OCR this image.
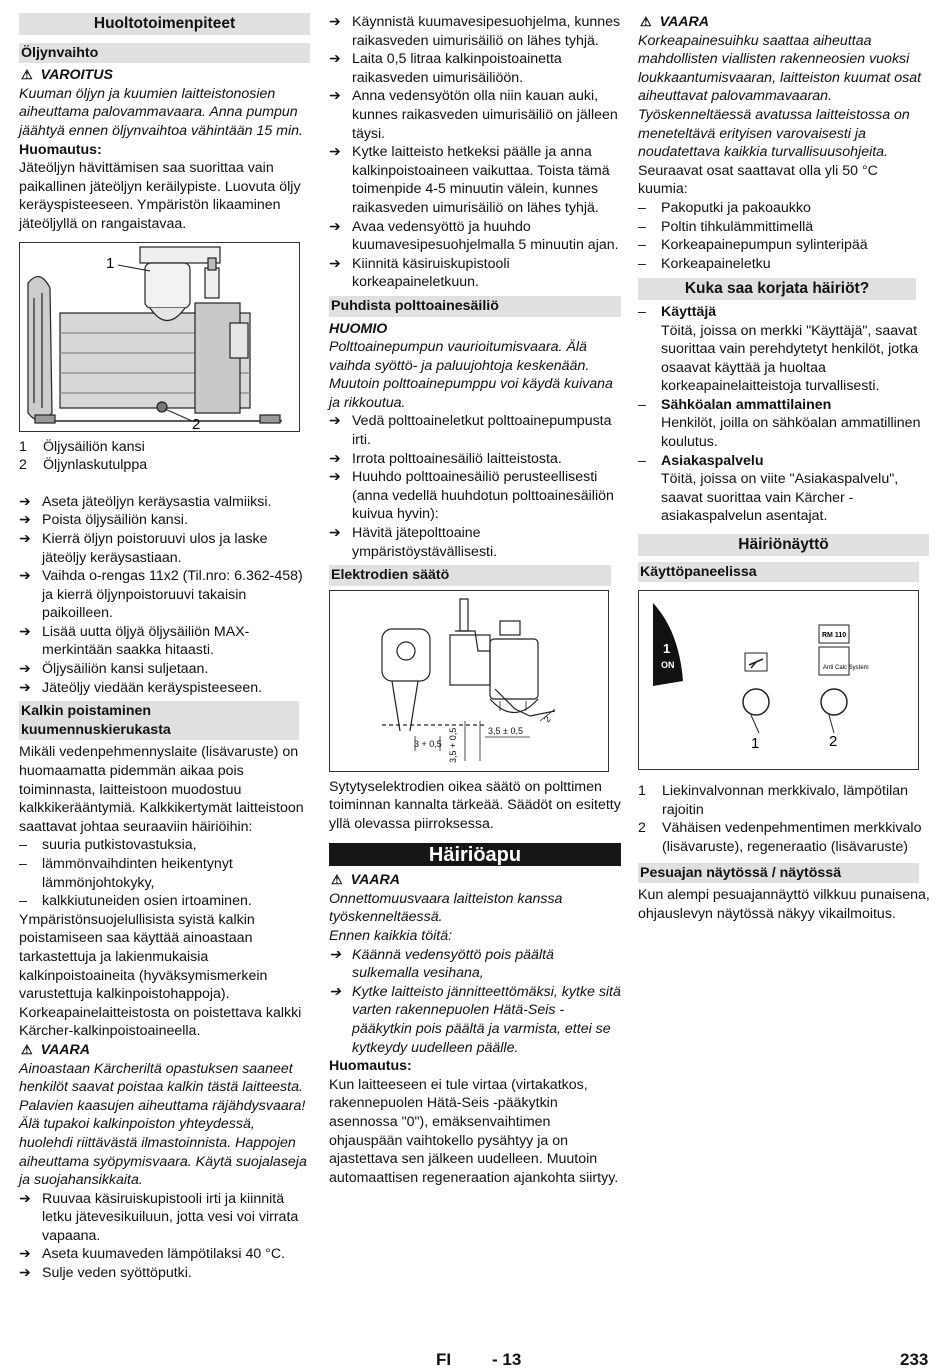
Huoltotoimenpiteet
Öljynvaihto
⚠ VAROITUS
Kuuman öljyn ja kuumien laitteistonosien aiheuttama palovammavaara. Anna pumpun jäähtyä ennen öljynvaihtoa vähintään 15 min.
Huomautus:
Jäteöljyn hävittämisen saa suorittaa vain paikallinen jäteöljyn keräilypiste. Luovuta öljy keräyspisteeseen. Ympäristön likaaminen jäteöljyllä on rangaistavaa.
1
2
1	Öljysäiliön kansi
2	Öljynlaskutulppa
➔ Aseta jäteöljyn keräysastia valmiiksi.
➔ Poista öljysäiliön kansi.
➔ Kierrä öljyn poistoruuvi ulos ja laske jäteöljy keräysastiaan.
➔ Vaihda o-rengas 11x2 (Til.nro: 6.362-458) ja kierrä öljynpoistoruuvi takaisin paikoilleen.
➔ Lisää uutta öljyä öljysäiliön MAX-merkintään saakka hitaasti.
➔ Öljysäiliön kansi suljetaan.
➔ Jäteöljy viedään keräyspisteeseen.
Kalkin poistaminen kuumennuskierukasta
Mikäli vedenpehmennyslaite (lisävaruste) on huomaamatta pidemmän aikaa pois toiminnasta, laitteistoon muodostuu kalkkikerääntymiä. Kalkkikertymät laitteistoon saattavat johtaa seuraaviin häiriöihin:
–	suuria putkistovastuksia,
–	lämmönvaihdinten heikentynyt lämmönjohtokyky,
–	kalkkiutuneiden osien irtoaminen.
Ympäristönsuojelullisista syistä kalkin poistamiseen saa käyttää ainoastaan tarkastettuja ja lakienmukaisia kalkinpoistoaineita (hyväksymismerkein varustettuja kalkinpoistohappoja). Korkeapainelaitteistosta on poistettava kalkki Kärcher-kalkinpoistoaineella.
⚠ VAARA
Ainoastaan Kärcheriltä opastuksen saaneet henkilöt saavat poistaa kalkin tästä laitteesta. Palavien kaasujen aiheuttama räjähdysvaara! Älä tupakoi kalkinpoiston yhteydessä, huolehdi riittävästä ilmastoinnista. Happojen aiheuttama syöpymisvaara. Käytä suojalaseja ja suojahansikkaita.
➔ Ruuvaa käsiruiskupistooli irti ja kiinnitä letku jätevesikuiluun, jotta vesi voi virrata vapaana.
➔ Aseta kuumaveden lämpötilaksi 40 °C.
➔ Sulje veden syöttöputki.
➔ Käynnistä kuumavesipesuohjelma, kunnes raikasveden uimurisäiliö on lähes tyhjä.
➔ Laita 0,5 litraa kalkinpoistoainetta raikasveden uimurisäiliöön.
➔ Anna vedensyötön olla niin kauan auki, kunnes raikasveden uimurisäiliö on jälleen täysi.
➔ Kytke laitteisto hetkeksi päälle ja anna kalkinpoistoaineen vaikuttaa. Toista tämä toimenpide 4-5 minuutin välein, kunnes raikasveden uimurisäiliö on lähes tyhjä.
➔ Avaa vedensyöttö ja huuhdo kuumavesipesuohjelmalla 5 minuutin ajan.
➔ Kiinnitä käsiruiskupistooli korkeapaineletkuun.
Puhdista polttoainesäiliö
HUOMIO
Polttoainepumpun vaurioitumisvaara. Älä vaihda syöttö- ja paluujohtoja keskenään. Muutoin polttoainepumppu voi käydä kuivana ja rikkoutua.
➔ Vedä polttoaineletkut polttoainepumpusta irti.
➔ Irrota polttoainesäiliö laitteistosta.
➔ Huuhdo polttoainesäiliö perusteellisesti (anna vedellä huuhdotun polttoainesäiliön kuivua hyvin):
➔ Hävitä jätepolttoaine ympäristöystävällisesti.
Elektrodien säätö
3 + 0,5 3,5 + 0,5	3,5 ± 0,5
2
Sytytyselektrodien oikea säätö on polttimen toiminnan kannalta tärkeää. Säädöt on esitetty yllä olevassa piirroksessa.
Häiriöapu
⚠ VAARA
Onnettomuusvaara laitteiston kanssa työskenneltäessä.
Ennen kaikkia töitä:
➔ Käännä vedensyöttö pois päältä sulkemalla vesihana,
➔ Kytke laitteisto jännitteettömäksi, kytke sitä varten rakennepuolen Hätä-Seis -pääkytkin pois päältä ja varmista, ettei se kytkeydy uudelleen päälle.
Huomautus:
Kun laitteeseen ei tule virtaa (virtakatkos, rakennepuolen Hätä-Seis -pääkytkin asennossa "0"), emäksenvaihtimen ohjauspään vaihtokello pysähtyy ja on ajastettava sen jälkeen uudelleen. Muutoin automaattisen regeneraation ajankohta siirtyy.
⚠ VAARA
Korkeapainesuihku saattaa aiheuttaa mahdollisten viallisten rakenneosien vuoksi loukkaantumisvaaran, laitteiston kuumat osat aiheuttavat palovammavaaran. Työskenneltäessä avatussa laitteistossa on meneteltävä erityisen varovaisesti ja noudatettava kaikkia turvallisuusohjeita.
Seuraavat osat saattavat olla yli 50 °C kuumia:
–	Pakoputki ja pakoaukko
–	Poltin tihkulämmittimellä
–	Korkeapainepumpun sylinteripää
–	Korkeapaineletku
Kuka saa korjata häiriöt?
–	Käyttäjä
Töitä, joissa on merkki "Käyttäjä", saavat suorittaa vain perehdytetyt henkilöt, jotka osaavat käyttää ja huoltaa korkeapainelaitteistoja turvallisesti.
–	Sähköalan ammattilainen
Henkilöt, joilla on sähköalan ammatillinen koulutus.
–	Asiakaspalvelu
Töitä, joissa on viite "Asiakaspalvelu", saavat suorittaa vain Kärcher -asiakaspalvelun asentajat.
Häiriönäyttö
Käyttöpaneelissa
1
ON
RM 110
Anti Calc System
1	2
1	Liekinvalvonnan merkkivalo, lämpötilan rajoitin
2	Vähäisen vedenpehmentimen merkkivalo (lisävaruste), regeneraatio (lisävaruste)
Pesuajan näytössä / näytössä
Kun alempi pesuajannäyttö vilkkuu punaisena, ohjauslevyn näytössä näkyy vikailmoitus.
FI - 13	233
